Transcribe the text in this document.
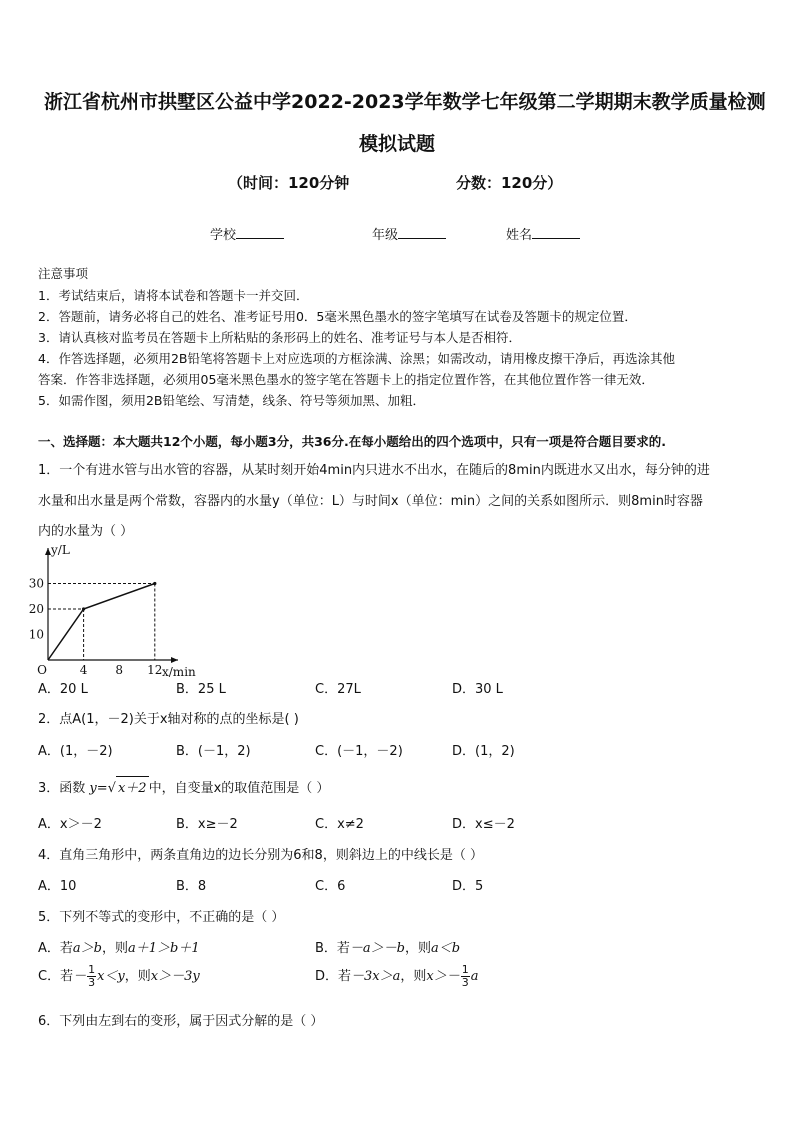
浙江省杭州市拱墅区公益中学2022-2023学年数学七年级第二学期期末教学质量检测
模拟试题
（时间：120分钟	分数：120分）
学校	年级	姓名
注意事项
1．考试结束后，请将本试卷和答题卡一并交回．
2．答题前，请务必将自己的姓名、准考证号用0．5毫米黑色墨水的签字笔填写在试卷及答题卡的规定位置．
3．请认真核对监考员在答题卡上所粘贴的条形码上的姓名、准考证号与本人是否相符．
4．作答选择题，必须用2B铅笔将答题卡上对应选项的方框涂满、涂黑；如需改动，请用橡皮擦干净后，再选涂其他
答案．作答非选择题，必须用05毫米黑色墨水的签字笔在答题卡上的指定位置作答，在其他位置作答一律无效．
5．如需作图，须用2B铅笔绘、写清楚，线条、符号等须加黑、加粗．
一、选择题：本大题共12个小题，每小题3分，共36分.在每小题给出的四个选项中，只有一项是符合题目要求的.
1．一个有进水管与出水管的容器，从某时刻开始4min内只进水不出水，在随后的8min内既进水又出水，每分钟的进
水量和出水量是两个常数，容器内的水量y（单位：L）与时间x（单位：min）之间的关系如图所示．则8min时容器
内的水量为（ ）
4 8 12
10
20
30
O
y/L
x/min
A．20 L	B．25 L	C．27L	D．30 L
2．点A(1，－2)关于x轴对称的点的坐标是( )
A．(1，－2)	B．(－1，2)	C．(－1，－2)	D．(1，2)
3．函数 y=√ x＋2 中，自变量x的取值范围是（ ）
A．x＞－2	B．x≥－2	C．x≠2	D．x≤－2
4．直角三角形中，两条直角边的边长分别为6和8，则斜边上的中线长是（ ）
A．10	B．8	C．6	D．5
5．下列不等式的变形中，不正确的是（ ）
A．若a＞b，则a＋1＞b＋1	B．若－a＞－b，则a＜b
C．若－ $\frac{1}{3} x<y$，则x＞－3y	D．若－3x＞a，则$x>- \frac{1}{3}$ a
6．下列由左到右的变形，属于因式分解的是（ ）
